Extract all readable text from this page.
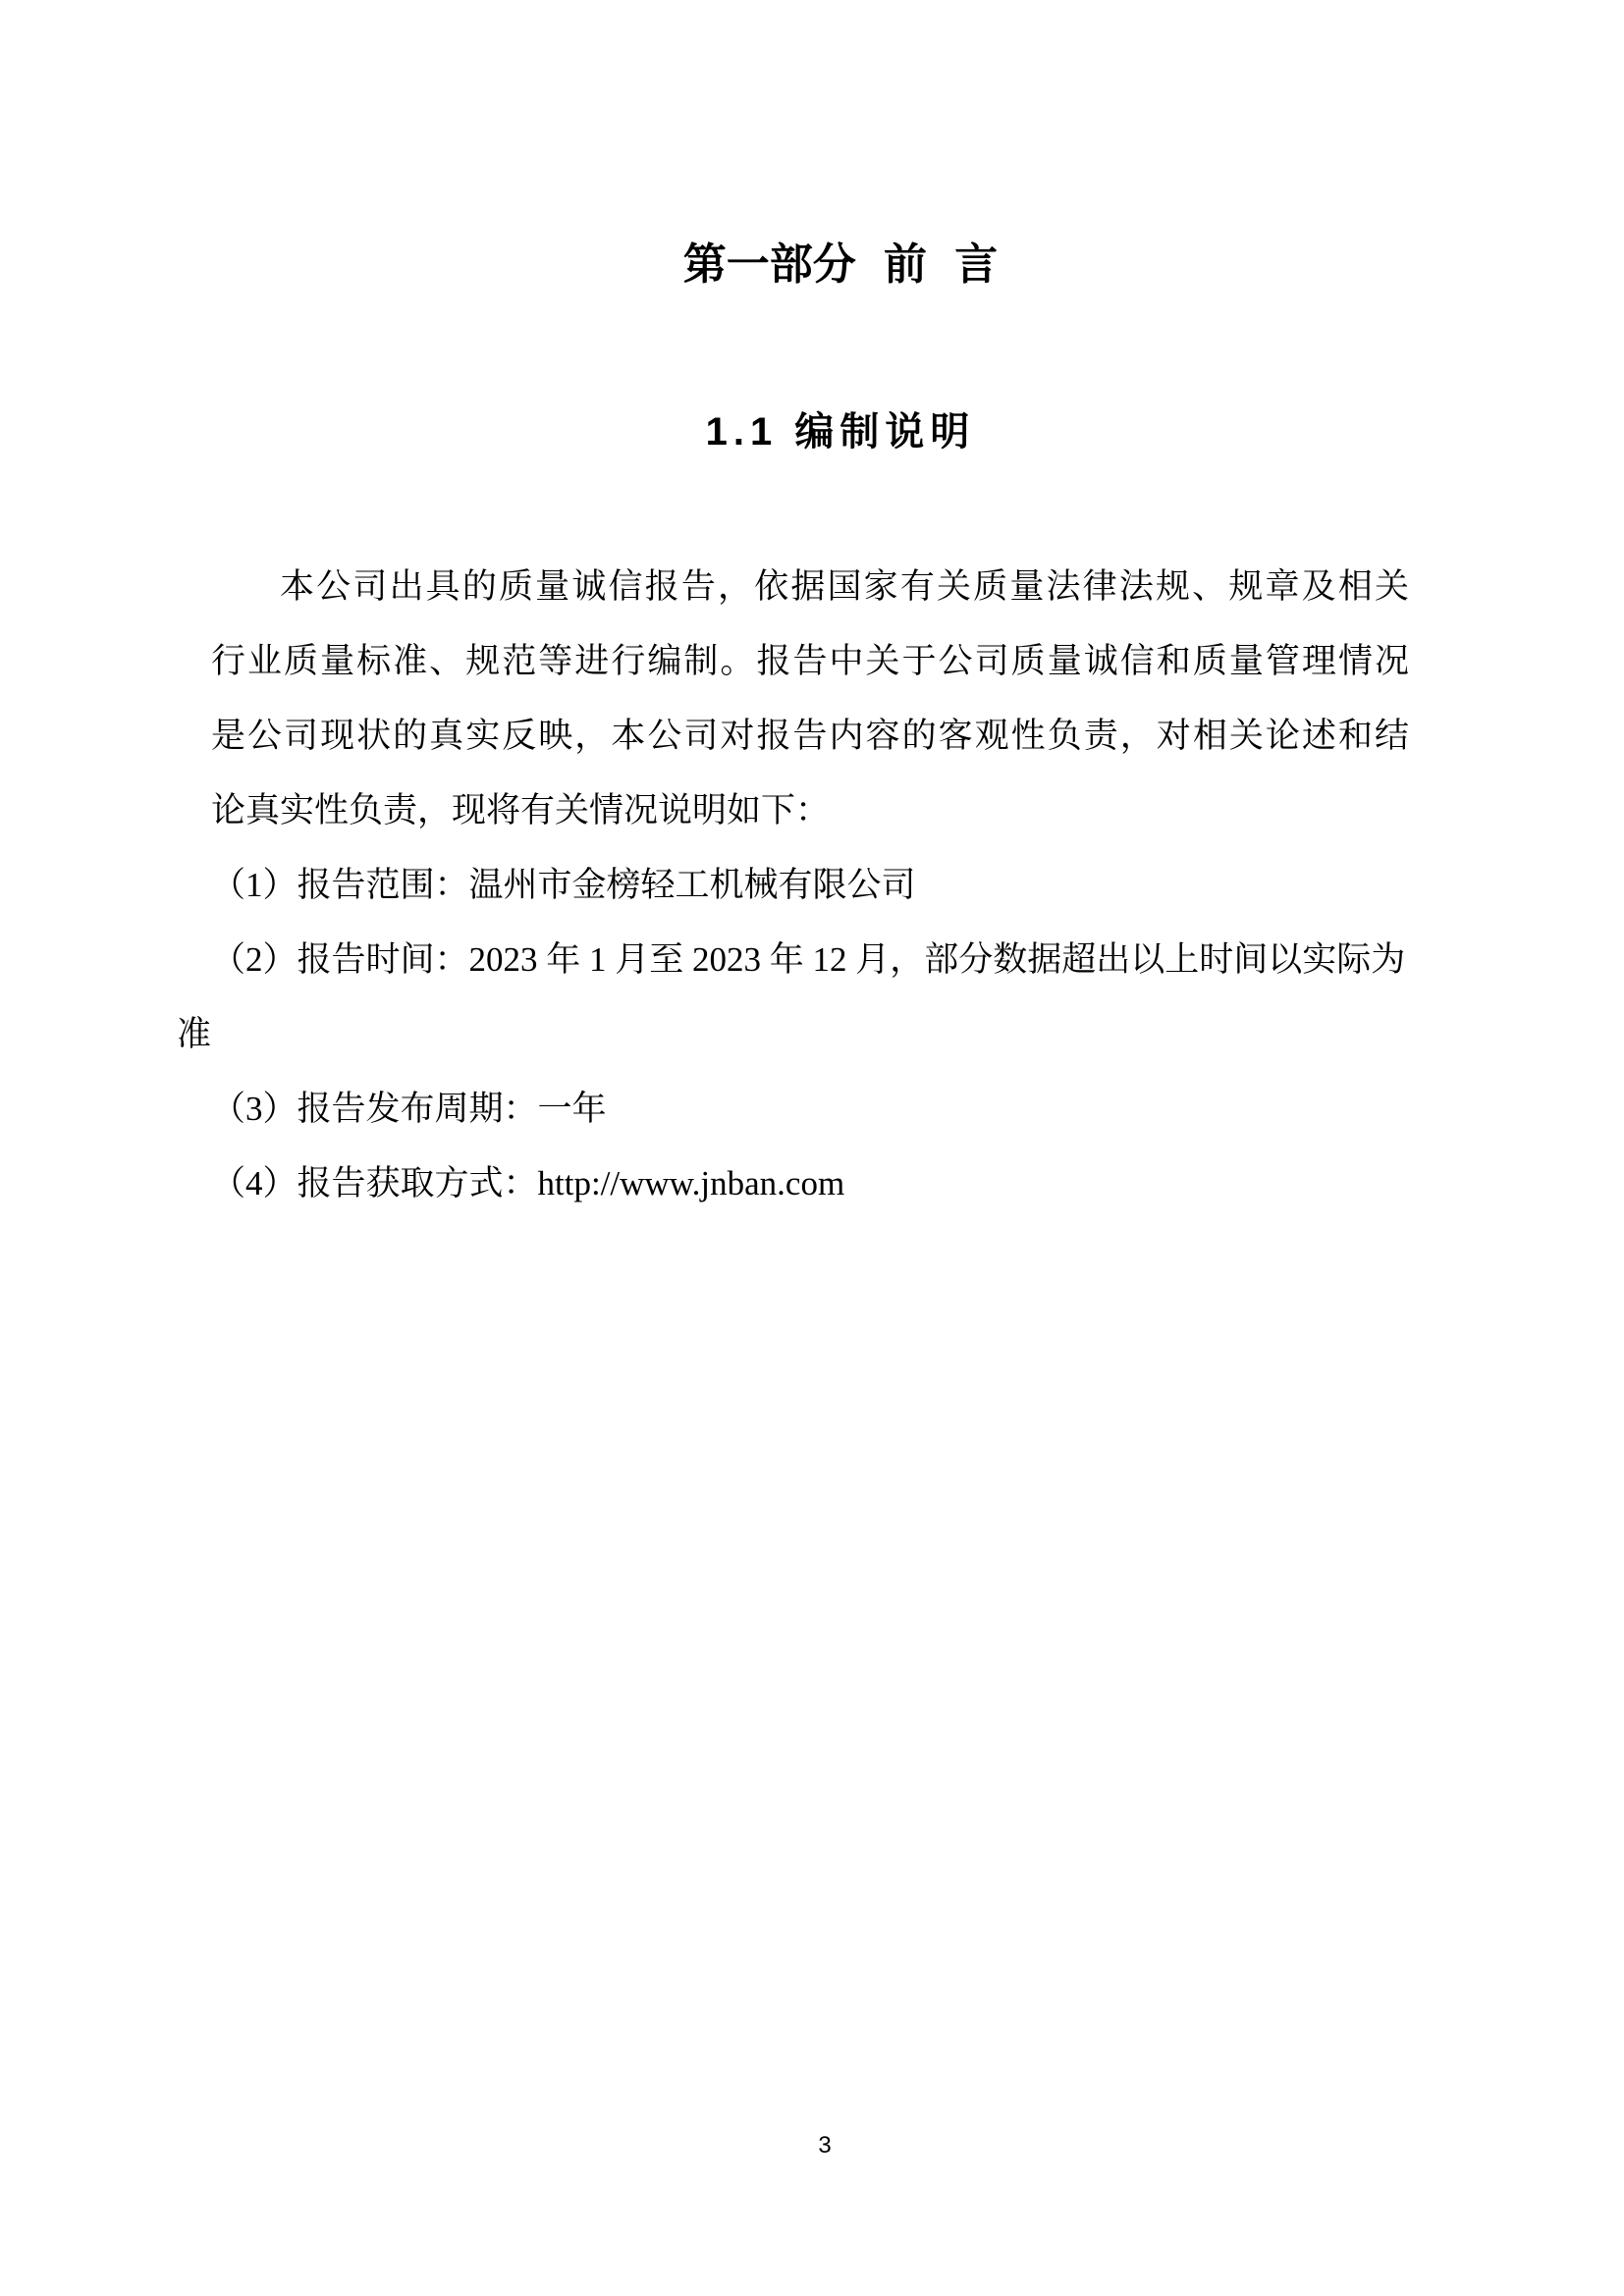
第一部分 前 言
1.1 编制说明
本公司出具的质量诚信报告，依据国家有关质量法律法规、规章及相关
行业质量标准、规范等进行编制。报告中关于公司质量诚信和质量管理情况
是公司现状的真实反映，本公司对报告内容的客观性负责，对相关论述和结
论真实性负责，现将有关情况说明如下：
（1）报告范围：温州市金榜轻工机械有限公司
（2）报告时间：2023 年 1 月至 2023 年 12 月，部分数据超出以上时间以实际为
准
（3）报告发布周期：一年
（4）报告获取方式：http://www.jnban.com
3
